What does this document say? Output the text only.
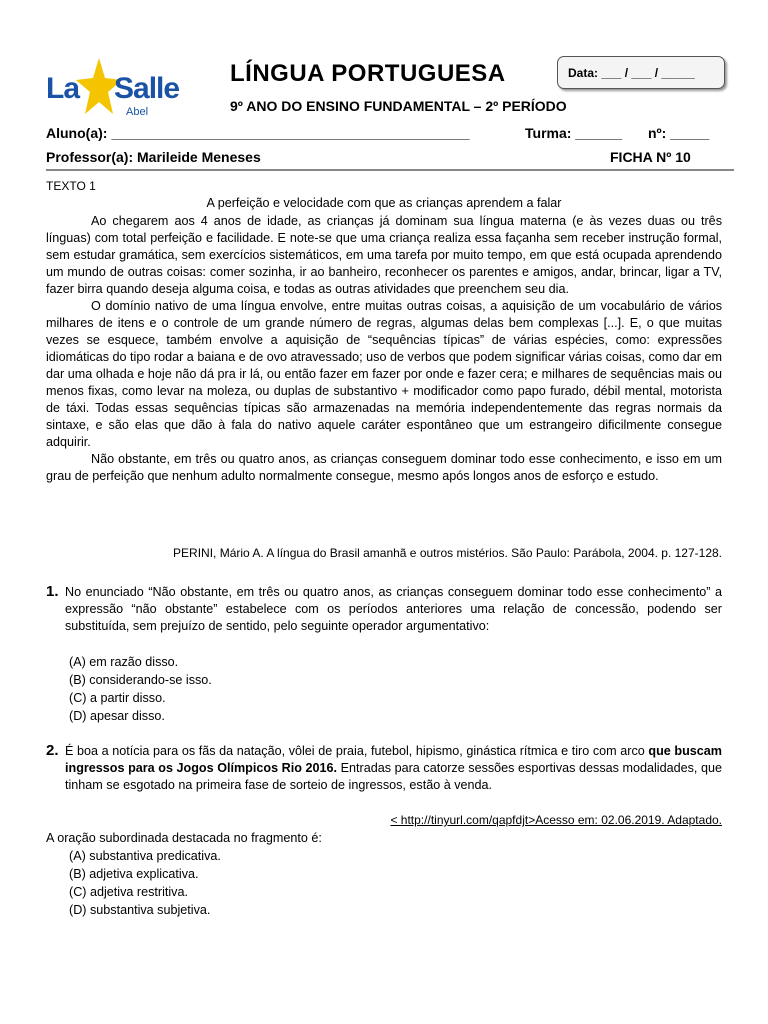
La Salle
Abel
LÍNGUA PORTUGUESA
9º ANO DO ENSINO FUNDAMENTAL – 2º PERÍODO
Data: ___ / ___ / _____
Aluno(a): ______________________________________________	Turma: ______ nº: _____
Professor(a): Marileide Meneses	FICHA Nº 10
TEXTO 1
A perfeição e velocidade com que as crianças aprendem a falar

Ao chegarem aos 4 anos de idade, as crianças já dominam sua língua materna (e às vezes duas ou três línguas) com total perfeição e facilidade. E note-se que uma criança realiza essa façanha sem receber instrução formal, sem estudar gramática, sem exercícios sistemáticos, em uma tarefa por muito tempo, em que está ocupada aprendendo um mundo de outras coisas: comer sozinha, ir ao banheiro, reconhecer os parentes e amigos, andar, brincar, ligar a TV, fazer birra quando deseja alguma coisa, e todas as outras atividades que preenchem seu dia.

O domínio nativo de uma língua envolve, entre muitas outras coisas, a aquisição de um vocabulário de vários milhares de itens e o controle de um grande número de regras, algumas delas bem complexas [...]. E, o que muitas vezes se esquece, também envolve a aquisição de “sequências típicas” de várias espécies, como: expressões idiomáticas do tipo rodar a baiana e de ovo atravessado; uso de verbos que podem significar várias coisas, como dar em dar uma olhada e hoje não dá pra ir lá, ou então fazer em fazer por onde e fazer cera; e milhares de sequências mais ou menos fixas, como levar na moleza, ou duplas de substantivo + modificador como papo furado, débil mental, motorista de táxi. Todas essas sequências típicas são armazenadas na memória independentemente das regras normais da sintaxe, e são elas que dão à fala do nativo aquele caráter espontâneo que um estrangeiro dificilmente consegue adquirir.

Não obstante, em três ou quatro anos, as crianças conseguem dominar todo esse conhecimento, e isso em um grau de perfeição que nenhum adulto normalmente consegue, mesmo após longos anos de esforço e estudo.

PERINI, Mário A. A língua do Brasil amanhã e outros mistérios. São Paulo: Parábola, 2004. p. 127-128.
1. No enunciado “Não obstante, em três ou quatro anos, as crianças conseguem dominar todo esse conhecimento” a expressão “não obstante” estabelece com os períodos anteriores uma relação de concessão, podendo ser substituída, sem prejuízo de sentido, pelo seguinte operador argumentativo:
(A) em razão disso.
(B) considerando-se isso.
(C) a partir disso.
(D) apesar disso.
2. É boa a notícia para os fãs da natação, vôlei de praia, futebol, hipismo, ginástica rítmica e tiro com arco que buscam ingressos para os Jogos Olímpicos Rio 2016. Entradas para catorze sessões esportivas dessas modalidades, que tinham se esgotado na primeira fase de sorteio de ingressos, estão à venda.
< http://tinyurl.com/qapfdjt>Acesso em: 02.06.2019. Adaptado.
A oração subordinada destacada no fragmento é:
(A) substantiva predicativa.
(B) adjetiva explicativa.
(C) adjetiva restritiva.
(D) substantiva subjetiva.
